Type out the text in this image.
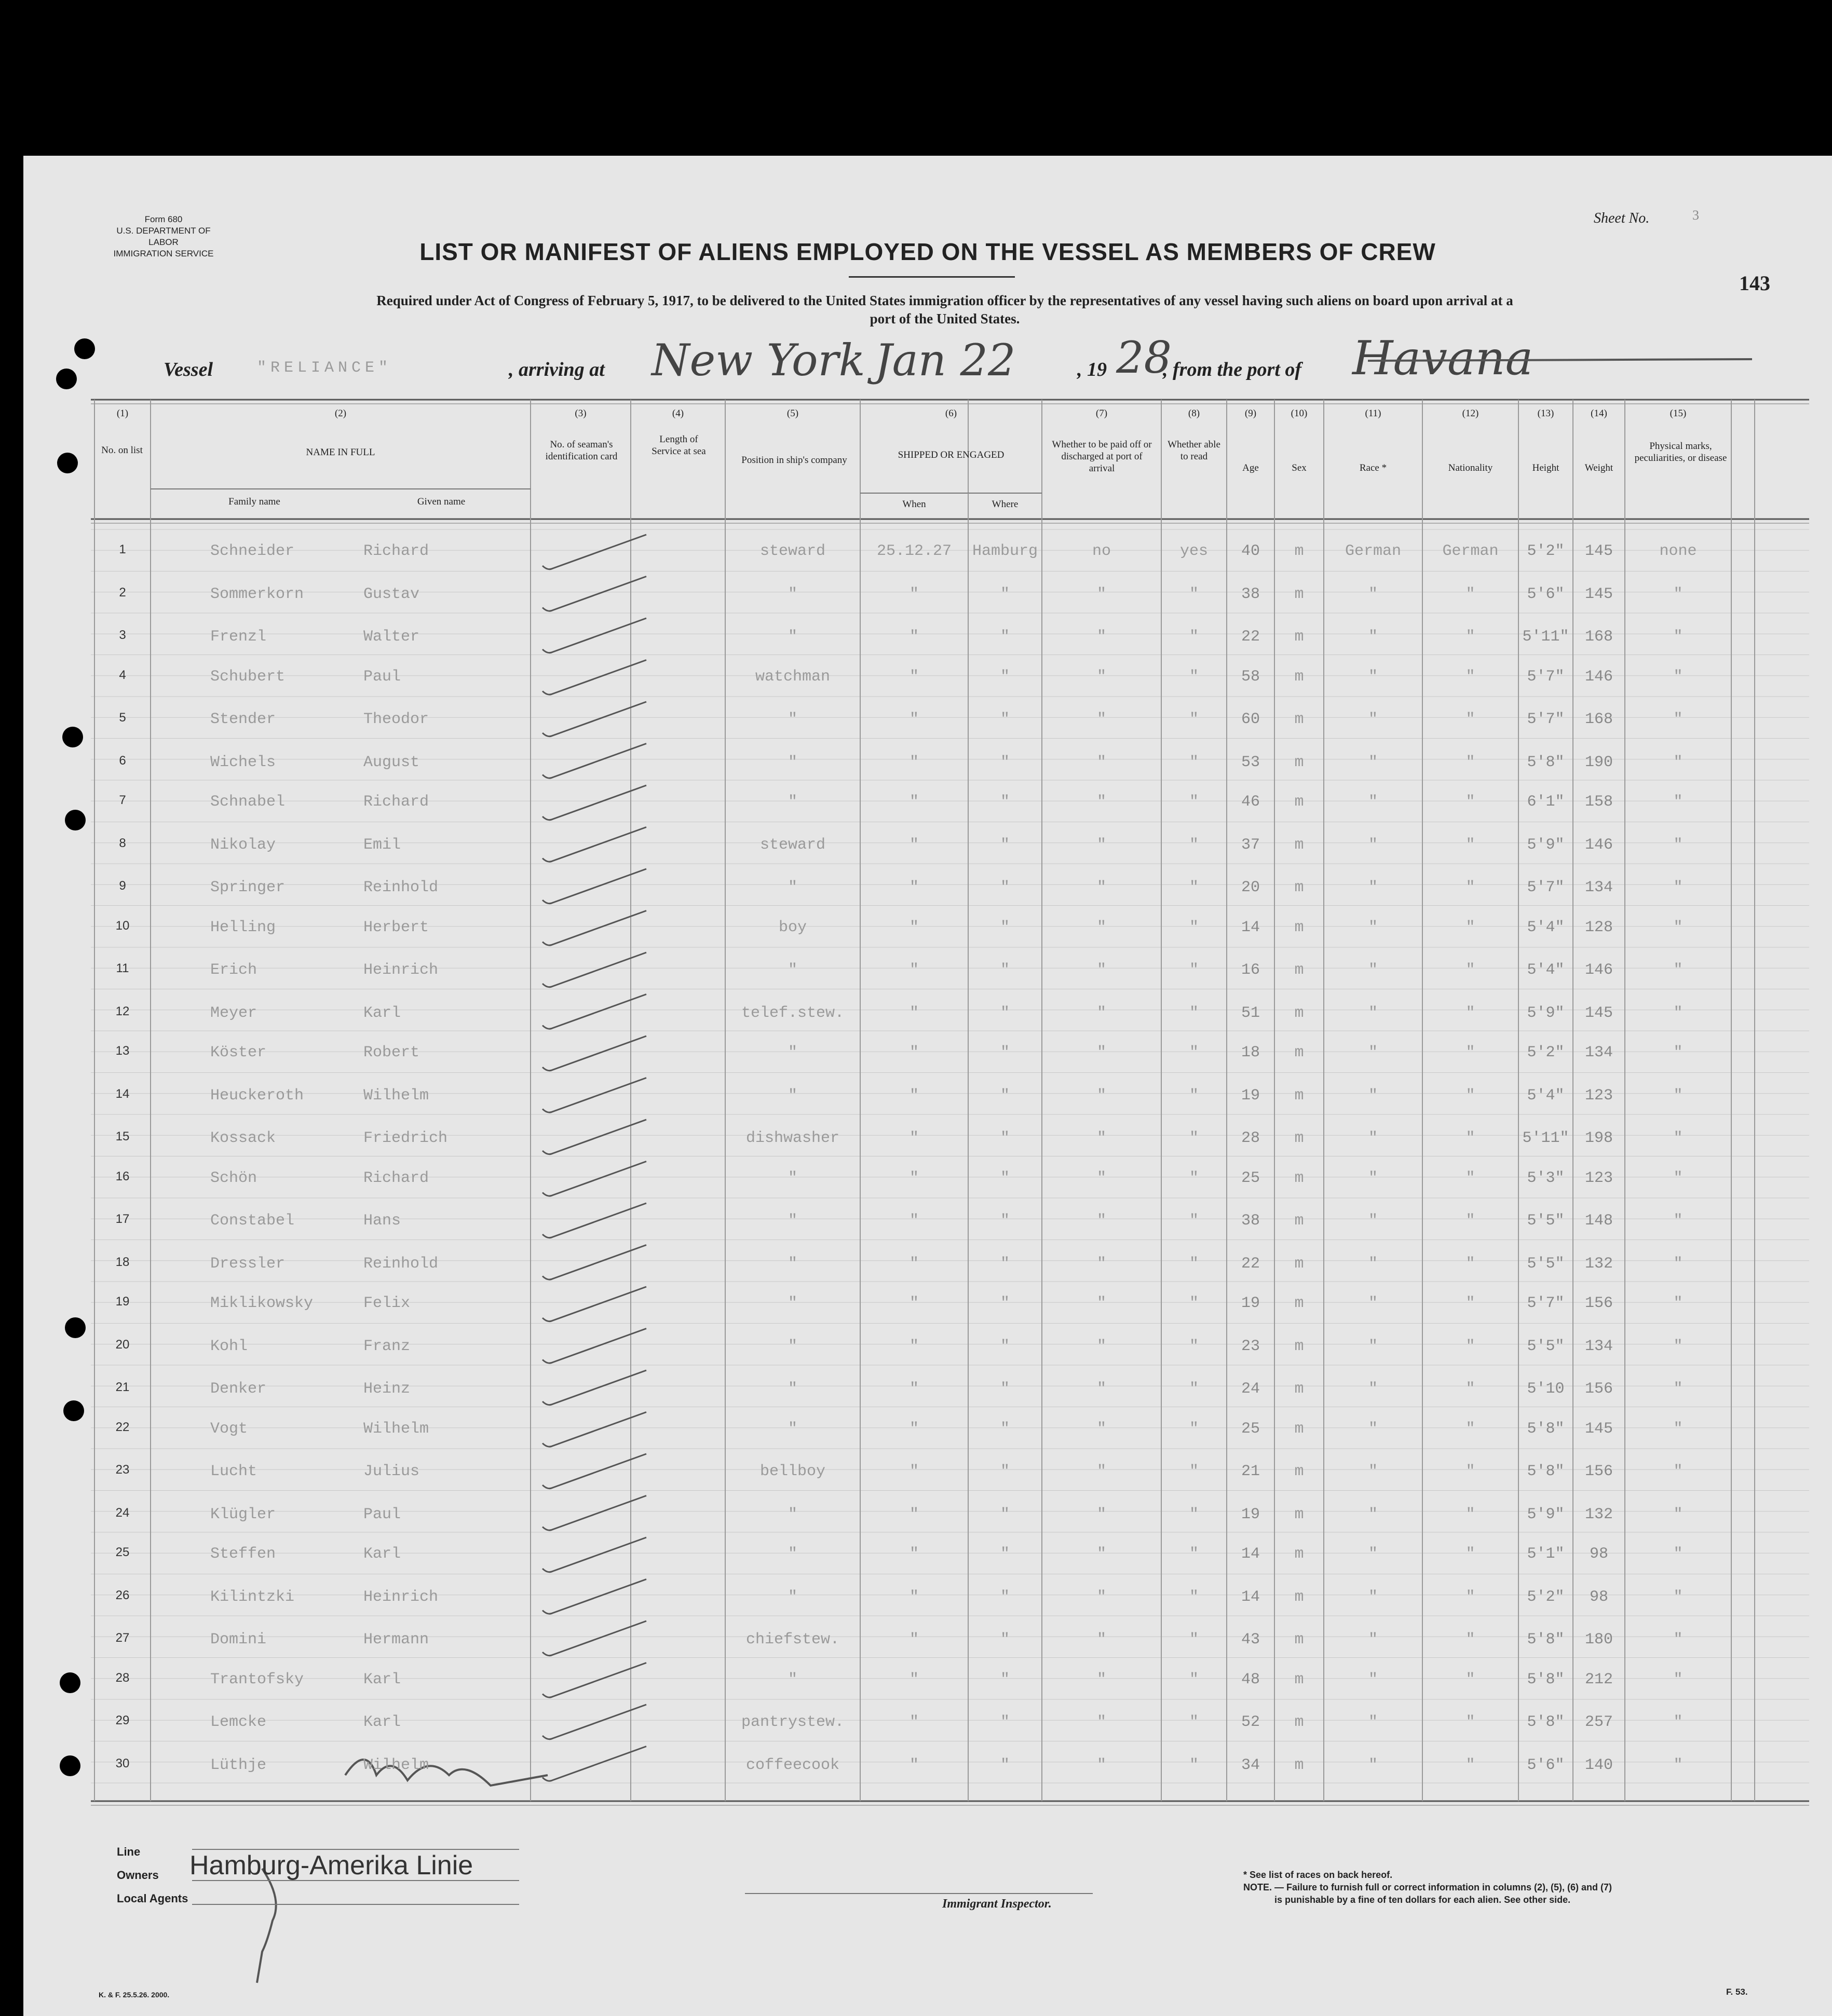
Form 680
U.S. DEPARTMENT OF LABOR
IMMIGRATION SERVICE
Sheet No.	3
143
LIST OR MANIFEST OF ALIENS EMPLOYED ON THE VESSEL AS MEMBERS OF CREW
Required under Act of Congress of February 5, 1917, to be delivered to the United States immigration officer by the representatives of any vessel having such aliens on board upon arrival at a
port of the United States.
Vessel	"RELIANCE"	, arriving at New York Jan 22	, 19 28
, from the port of Havana
(1)	(2)	(3)	(4)	(5)	(6)	(7)	(8)	(9)	(10)	(11)	(12)	(13)	(14)	(15)
No. on list	NAME IN FULL
Family name	Given name
No. of seaman's identification card
Length of Service at sea
Position in ship's company	SHIPPED OR ENGAGED
When	Where
Whether to be paid off or discharged at port of arrival
Whether able to read
Age	Sex	Race *	Nationality	Height	Weight
Physical marks, peculiarities, or disease
1	Schneider	Richard	steward	25.12.27	Hamburg	no	yes	40	m	German	German	5'2"	145	none
2	Sommerkorn	Gustav	"	"	"	"	"	38	m	"	"	5'6"	145	"
3	Frenzl	Walter	"	"	"	"	"	22	m	"	"	5'11"	168	"
4	Schubert	Paul	watchman	"	"	"	"	58	m	"	"	5'7"	146	"
5	Stender	Theodor	"	"	"	"	"	60	m	"	"	5'7"	168	"
6	Wichels	August	"	"	"	"	"	53	m	"	"	5'8"	190	"
7	Schnabel	Richard	"	"	"	"	"	46	m	"	"	6'1"	158	"
8	Nikolay	Emil	steward	"	"	"	"	37	m	"	"	5'9"	146	"
9	Springer	Reinhold	"	"	"	"	"	20	m	"	"	5'7"	134	"
10	Helling	Herbert	boy	"	"	"	"	14	m	"	"	5'4"	128	"
11	Erich	Heinrich	"	"	"	"	"	16	m	"	"	5'4"	146	"
12	Meyer	Karl	telef.stew.	"	"	"	"	51	m	"	"	5'9"	145	"
13	Köster	Robert	"	"	"	"	"	18	m	"	"	5'2"	134	"
14	Heuckeroth	Wilhelm	"	"	"	"	"	19	m	"	"	5'4"	123	"
15	Kossack	Friedrich	dishwasher	"	"	"	"	28	m	"	"	5'11"	198	"
16	Schön	Richard	"	"	"	"	"	25	m	"	"	5'3"	123	"
17	Constabel	Hans	"	"	"	"	"	38	m	"	"	5'5"	148	"
18	Dressler	Reinhold	"	"	"	"	"	22	m	"	"	5'5"	132	"
19	Miklikowsky	Felix	"	"	"	"	"	19	m	"	"	5'7"	156	"
20	Kohl	Franz	"	"	"	"	"	23	m	"	"	5'5"	134	"
21	Denker	Heinz	"	"	"	"	"	24	m	"	"	5'10	156	"
22	Vogt	Wilhelm	"	"	"	"	"	25	m	"	"	5'8"	145	"
23	Lucht	Julius	bellboy	"	"	"	"	21	m	"	"	5'8"	156	"
24	Klügler	Paul	"	"	"	"	"	19	m	"	"	5'9"	132	"
25	Steffen	Karl	"	"	"	"	"	14	m	"	"	5'1"	98	"
26	Kilintzki	Heinrich	"	"	"	"	"	14	m	"	"	5'2"	98	"
27	Domini	Hermann	chiefstew.	"	"	"	"	43	m	"	"	5'8"	180	"
28	Trantofsky	Karl	"	"	"	"	"	48	m	"	"	5'8"	212	"
29	Lemcke	Karl	pantrystew.	"	"	"	"	52	m	"	"	5'8"	257	"
30	Lüthje	Wilhelm	coffeecook	"	"	"	"	34	m	"	"	5'6"	140	"
Line
Owners
Local Agents
Hamburg-Amerika Linie
Immigrant Inspector.
* See list of races on back hereof.
NOTE. — Failure to furnish full or correct information in columns (2), (5), (6) and (7)
is punishable by a fine of ten dollars for each alien. See other side.
K. & F. 25.5.26. 2000.	F. 53.
